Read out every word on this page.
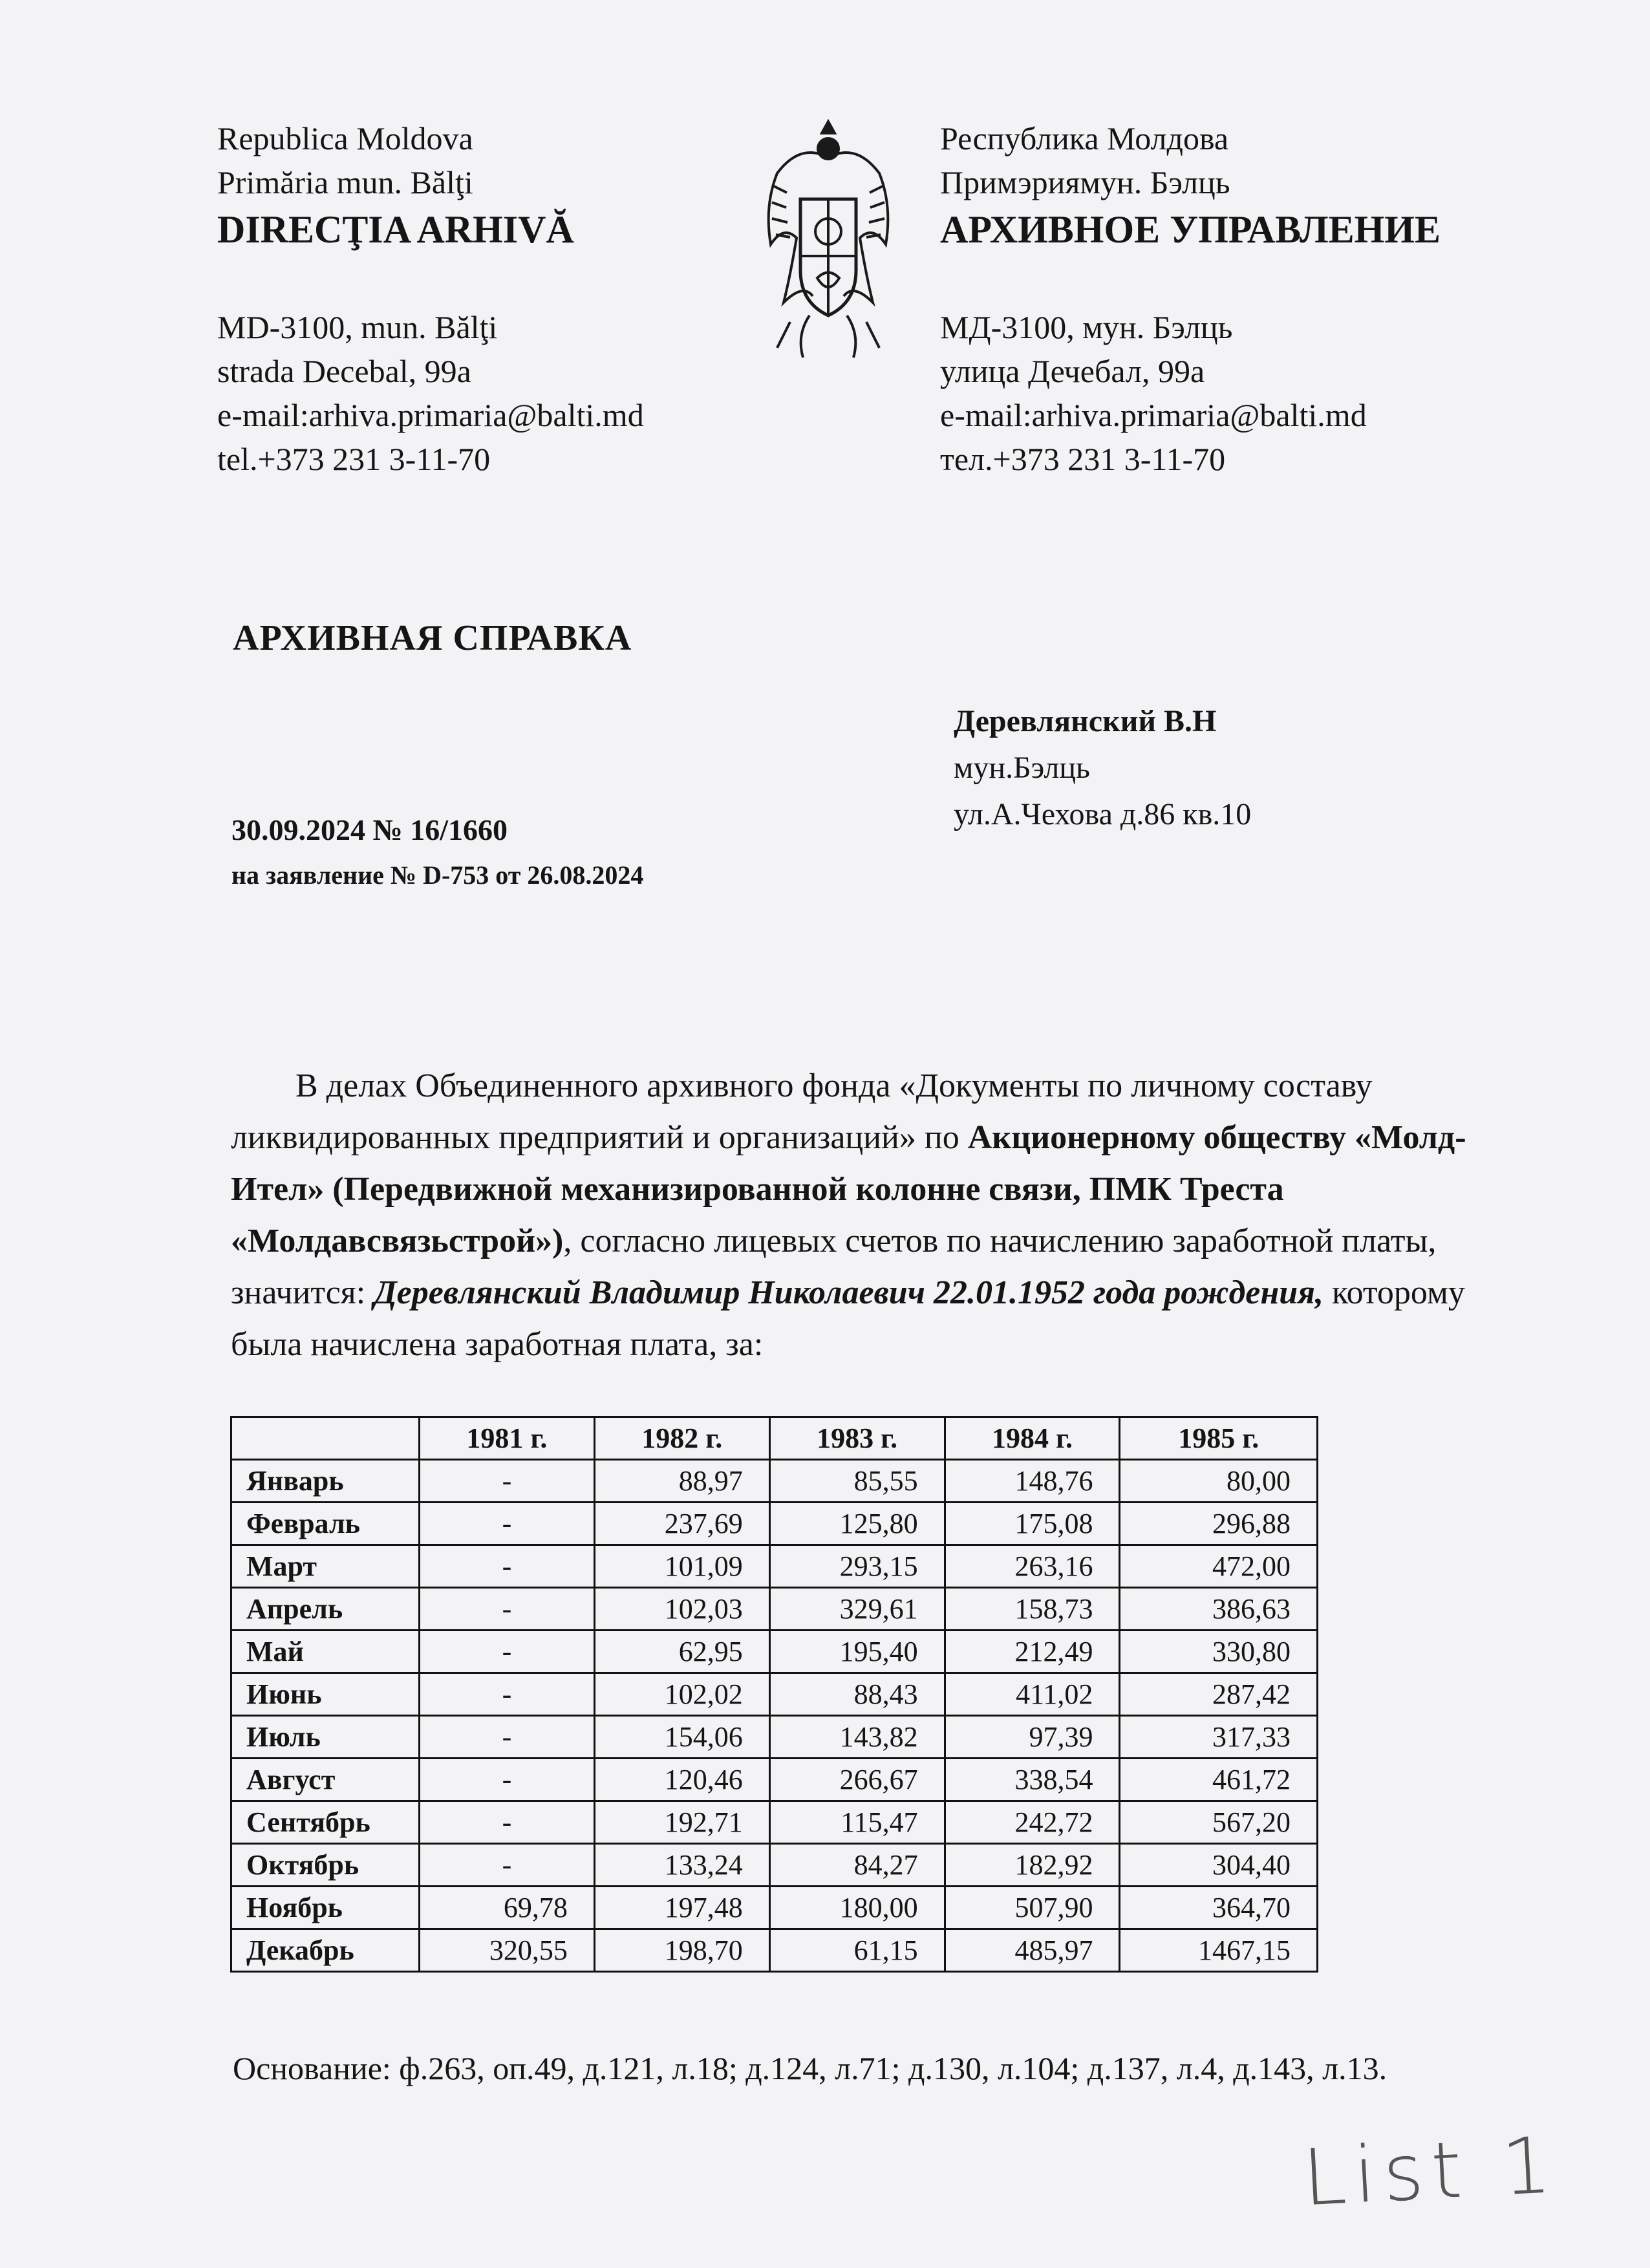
Republica Moldova
Primăria mun. Bălţi
DIRECŢIA ARHIVĂ
MD-3100, mun. Bălţi
strada Decebal, 99a
e-mail:arhiva.primaria@balti.md
tel.+373 231 3-11-70
Республика Молдова
Примэриямун. Бэлць
АРХИВНОЕ УПРАВЛЕНИЕ
МД-3100, мун. Бэлць
улица Дечебал, 99а
e-mail:arhiva.primaria@balti.md
тел.+373 231 3-11-70
АРХИВНАЯ СПРАВКА
Деревлянский В.Н
мун.Бэлць
ул.А.Чехова д.86 кв.10
30.09.2024 № 16/1660
на заявление № D-753 от 26.08.2024
В делах Объединенного архивного фонда «Документы по личному составу ликвидированных предприятий и организаций» по Акционерному обществу «Молд-Ител» (Передвижной механизированной колонне связи, ПМК Треста «Молдавсвязьстрой»), согласно лицевых счетов по начислению заработной платы, значится: Деревлянский Владимир Николаевич 22.01.1952 года рождения, которому была начислена заработная плата, за:
	1981 г.	1982 г.	1983 г.	1984 г.	1985 г.
Январь	-	88,97	85,55	148,76	80,00
Февраль	-	237,69	125,80	175,08	296,88
Март	-	101,09	293,15	263,16	472,00
Апрель	-	102,03	329,61	158,73	386,63
Май	-	62,95	195,40	212,49	330,80
Июнь	-	102,02	88,43	411,02	287,42
Июль	-	154,06	143,82	97,39	317,33
Август	-	120,46	266,67	338,54	461,72
Сентябрь	-	192,71	115,47	242,72	567,20
Октябрь	-	133,24	84,27	182,92	304,40
Ноябрь	69,78	197,48	180,00	507,90	364,70
Декабрь	320,55	198,70	61,15	485,97	1467,15
Основание: ф.263, оп.49, д.121, л.18; д.124, л.71; д.130, л.104; д.137, л.4, д.143, л.13.
List 1
